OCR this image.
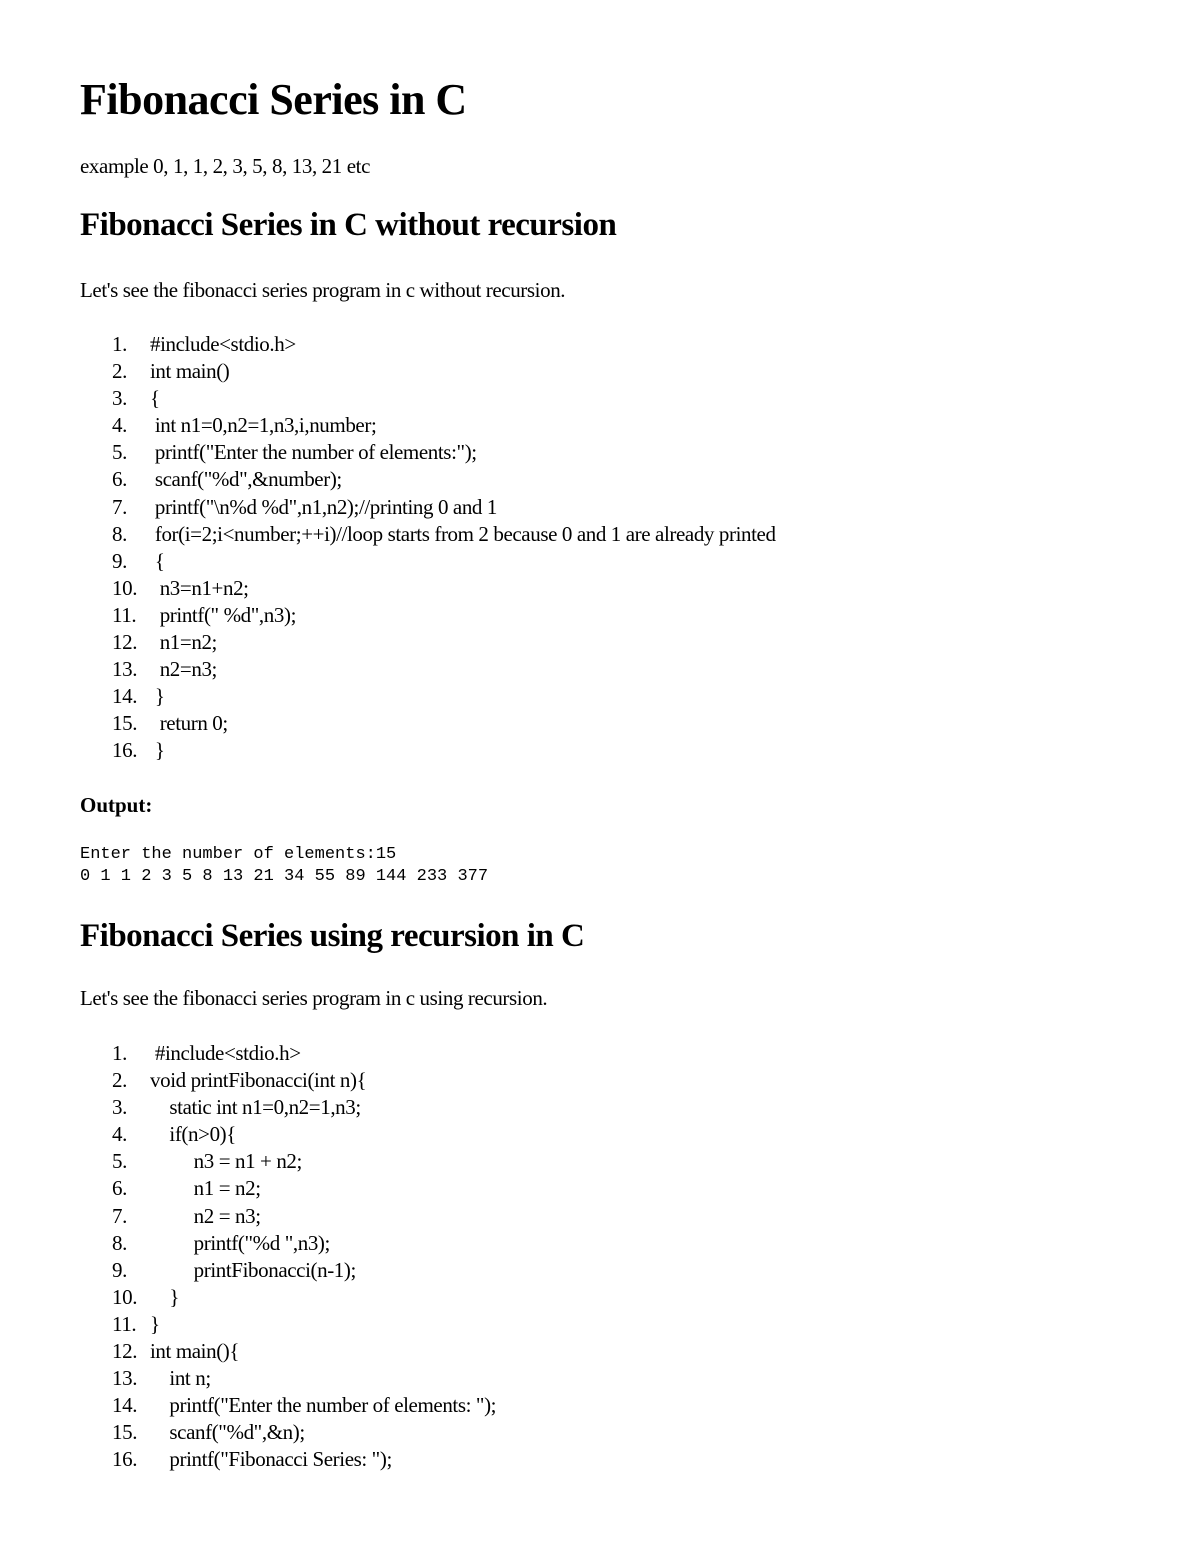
Fibonacci Series in C

example 0, 1, 1, 2, 3, 5, 8, 13, 21 etc

Fibonacci Series in C without recursion

Let's see the fibonacci series program in c without recursion.

1. #include<stdio.h>
2. int main()
3. {
4. int n1=0,n2=1,n3,i,number;
5. printf("Enter the number of elements:");
6. scanf("%d",&number);
7. printf("\n%d %d",n1,n2);//printing 0 and 1
8. for(i=2;i<number;++i)//loop starts from 2 because 0 and 1 are already printed
9. {
10.  n3=n1+n2;
11.  printf(" %d",n3);
12.  n1=n2;
13.  n2=n3;
14. }
15.  return 0;
16. }

Output:

Enter the number of elements:15
0 1 1 2 3 5 8 13 21 34 55 89 144 233 377
Fibonacci Series using recursion in C

Let's see the fibonacci series program in c using recursion.

1. #include<stdio.h>
2. void printFibonacci(int n){
3.    static int n1=0,n2=1,n3;
4.    if(n>0){
5.         n3 = n1 + n2;
6.         n1 = n2;
7.         n2 = n3;
8.         printf("%d ",n3);
9.         printFibonacci(n-1);
10.    }
11. }
12. int main(){
13.    int n;
14.    printf("Enter the number of elements: ");
15.    scanf("%d",&n);
16.    printf("Fibonacci Series: ");
